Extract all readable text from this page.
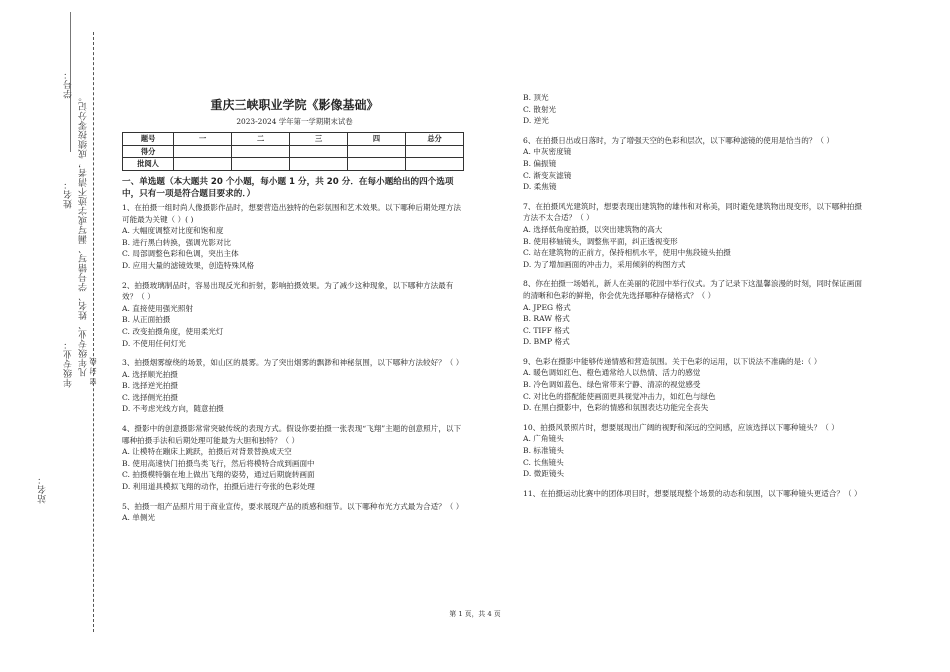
学号：
姓名：
年级专业： 凡年级专业、姓名、学号错写、漏写或字迹不清者，成绩按零分记。 密 封 线
站名：
重庆三峡职业学院《影像基础》
2023-2024 学年第一学期期末试卷
题号	一	二	三	四	总分
得分					
批阅人					
一、单选题（本大题共 20 个小题，每小题 1 分，共 20 分．在每小题给出的四个选项中，只有一项是符合题目要求的．）

1、在拍摄一组时尚人像摄影作品时，想要营造出独特的色彩氛围和艺术效果。以下哪种后期处理方法可能最为关键（ ）( )

A. 大幅度调整对比度和饱和度

B. 进行黑白转换，强调光影对比

C. 局部调整色彩和色调，突出主体

D. 应用大量的滤镜效果，创造特殊风格

2、拍摄玻璃制品时，容易出现反光和折射，影响拍摄效果。为了减少这种现象，以下哪种方法最有效？（ ）

A. 直接使用强光照射

B. 从正面拍摄

C. 改变拍摄角度，使用柔光灯

D. 不使用任何灯光

3、拍摄烟雾缭绕的场景，如山区的晨雾。为了突出烟雾的飘渺和神秘氛围，以下哪种方法较好？（ ）

A. 选择顺光拍摄

B. 选择逆光拍摄

C. 选择侧光拍摄

D. 不考虑光线方向，随意拍摄

4、摄影中的创意摄影常常突破传统的表现方式。假设你要拍摄一张表现“飞翔”主题的创意照片，以下哪种拍摄手法和后期处理可能最为大胆和独特？（ ）

A. 让模特在蹦床上跳跃，拍摄后对背景替换成天空

B. 使用高速快门拍摄鸟类飞行，然后将模特合成到画面中

C. 拍摄模特躺在地上做出飞翔的姿势，通过后期旋转画面

D. 利用道具模拟飞翔的动作，拍摄后进行夸张的色彩处理

5、拍摄一组产品照片用于商业宣传，要求展现产品的质感和细节。以下哪种布光方式最为合适？（ ）

A. 单侧光

B. 顶光

C. 散射光

D. 逆光

6、在拍摄日出或日落时，为了增强天空的色彩和层次，以下哪种滤镜的使用是恰当的？（ ）

A. 中灰密度镜

B. 偏振镜

C. 渐变灰滤镜

D. 柔焦镜

7、在拍摄风光建筑时，想要表现出建筑物的雄伟和对称美，同时避免建筑物出现变形，以下哪种拍摄方法不太合适？（ ）

A. 选择低角度拍摄，以突出建筑物的高大

B. 使用移轴镜头，调整焦平面，纠正透视变形

C. 站在建筑物的正前方，保持相机水平，使用中焦段镜头拍摄

D. 为了增加画面的冲击力，采用倾斜的构图方式

8、你在拍摄一场婚礼，新人在美丽的花园中举行仪式。为了记录下这温馨浪漫的时刻，同时保证画面的清晰和色彩的鲜艳，你会优先选择哪种存储格式？（ ）

A. JPEG 格式

B. RAW 格式

C. TIFF 格式

D. BMP 格式

9、色彩在摄影中能够传递情感和营造氛围。关于色彩的运用，以下说法不准确的是:（ ）

A. 暖色调如红色、橙色通常给人以热情、活力的感觉

B. 冷色调如蓝色、绿色常带来宁静、清凉的视觉感受

C. 对比色的搭配能使画面更具视觉冲击力，如红色与绿色

D. 在黑白摄影中，色彩的情感和氛围表达功能完全丧失

10、拍摄风景照片时，想要展现出广阔的视野和深远的空间感，应该选择以下哪种镜头？（ ）

A. 广角镜头

B. 标准镜头

C. 长焦镜头

D. 微距镜头

11、在拍摄运动比赛中的团体项目时，想要展现整个场景的动态和氛围，以下哪种镜头更适合？（ ）

第 1 页，共 4 页
